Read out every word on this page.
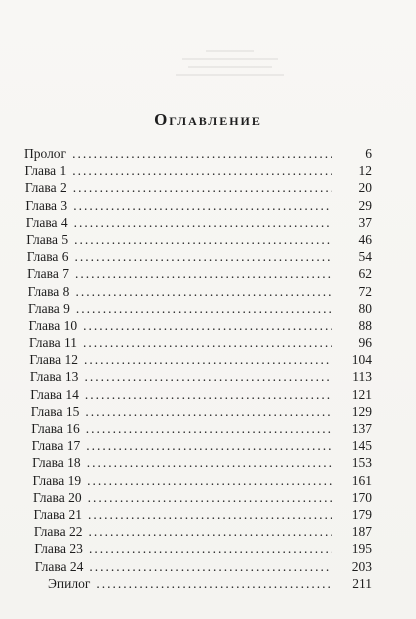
Оглавление
Пролог .....	6
Глава 1 .....	12
Глава 2 .....	20
Глава 3 .....	29
Глава 4 .....	37
Глава 5 .....	46
Глава 6 .....	54
Глава 7 .....	62
Глава 8 .....	72
Глава 9 .....	80
Глава 10 .....	88
Глава 11 .....	96
Глава 12 .....	104
Глава 13 .....	113
Глава 14 .....	121
Глава 15 .....	129
Глава 16 .....	137
Глава 17 .....	145
Глава 18 .....	153
Глава 19 .....	161
Глава 20 .....	170
Глава 21 .....	179
Глава 22 .....	187
Глава 23 .....	195
Глава 24 .....	203
Эпилог .....	211
